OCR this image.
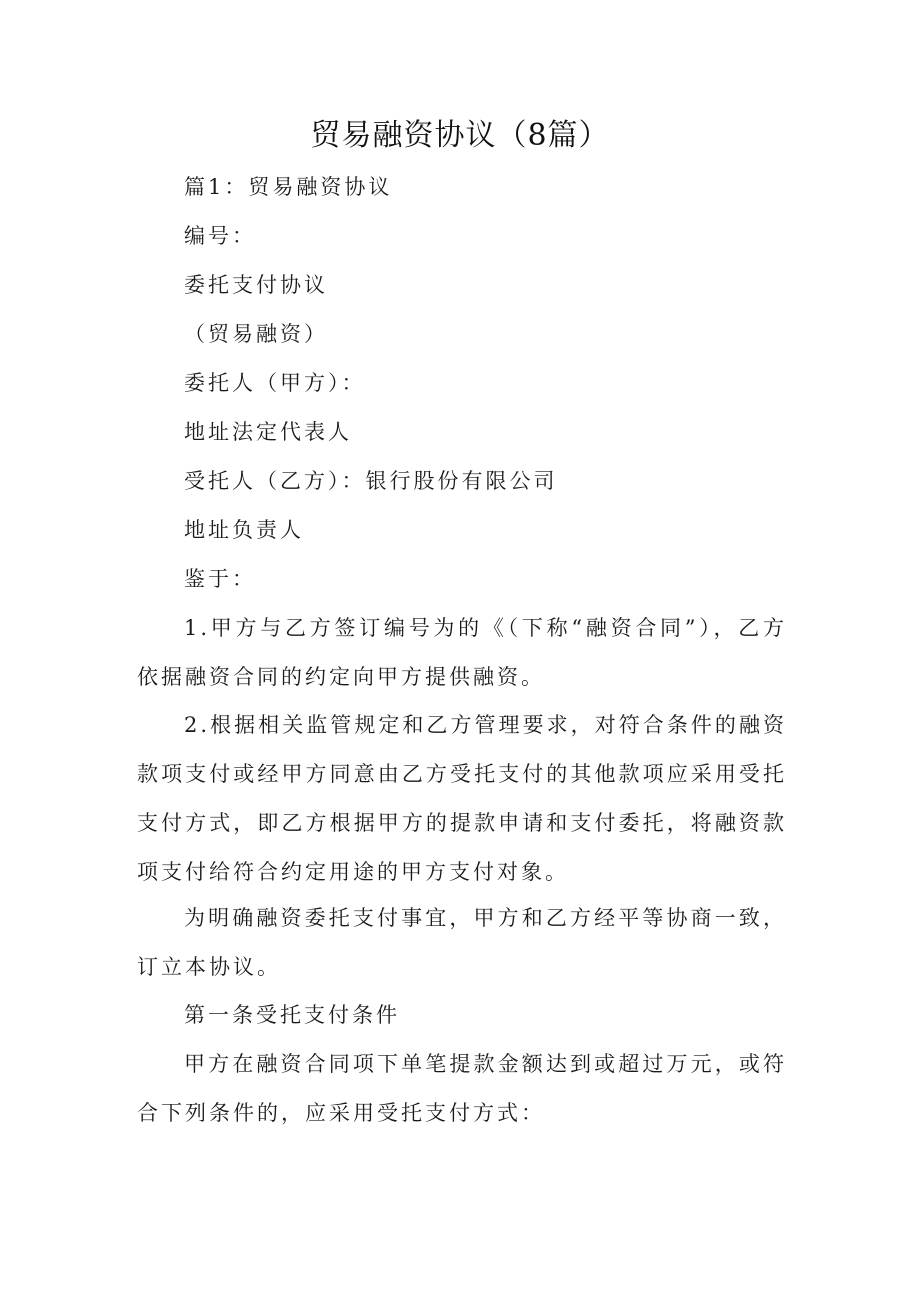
贸易融资协议（8篇）
篇1：贸易融资协议
编号：
委托支付协议
（贸易融资）
委托人（甲方）：
地址法定代表人
受托人（乙方）：银行股份有限公司
地址负责人
鉴于：
1.甲方与乙方签订编号为的《（下称“融资合同”），乙方依据融资合同的约定向甲方提供融资。
2.根据相关监管规定和乙方管理要求，对符合条件的融资款项支付或经甲方同意由乙方受托支付的其他款项应采用受托支付方式，即乙方根据甲方的提款申请和支付委托，将融资款项支付给符合约定用途的甲方支付对象。
为明确融资委托支付事宜，甲方和乙方经平等协商一致，订立本协议。
第一条受托支付条件
甲方在融资合同项下单笔提款金额达到或超过万元，或符合下列条件的，应采用受托支付方式：
